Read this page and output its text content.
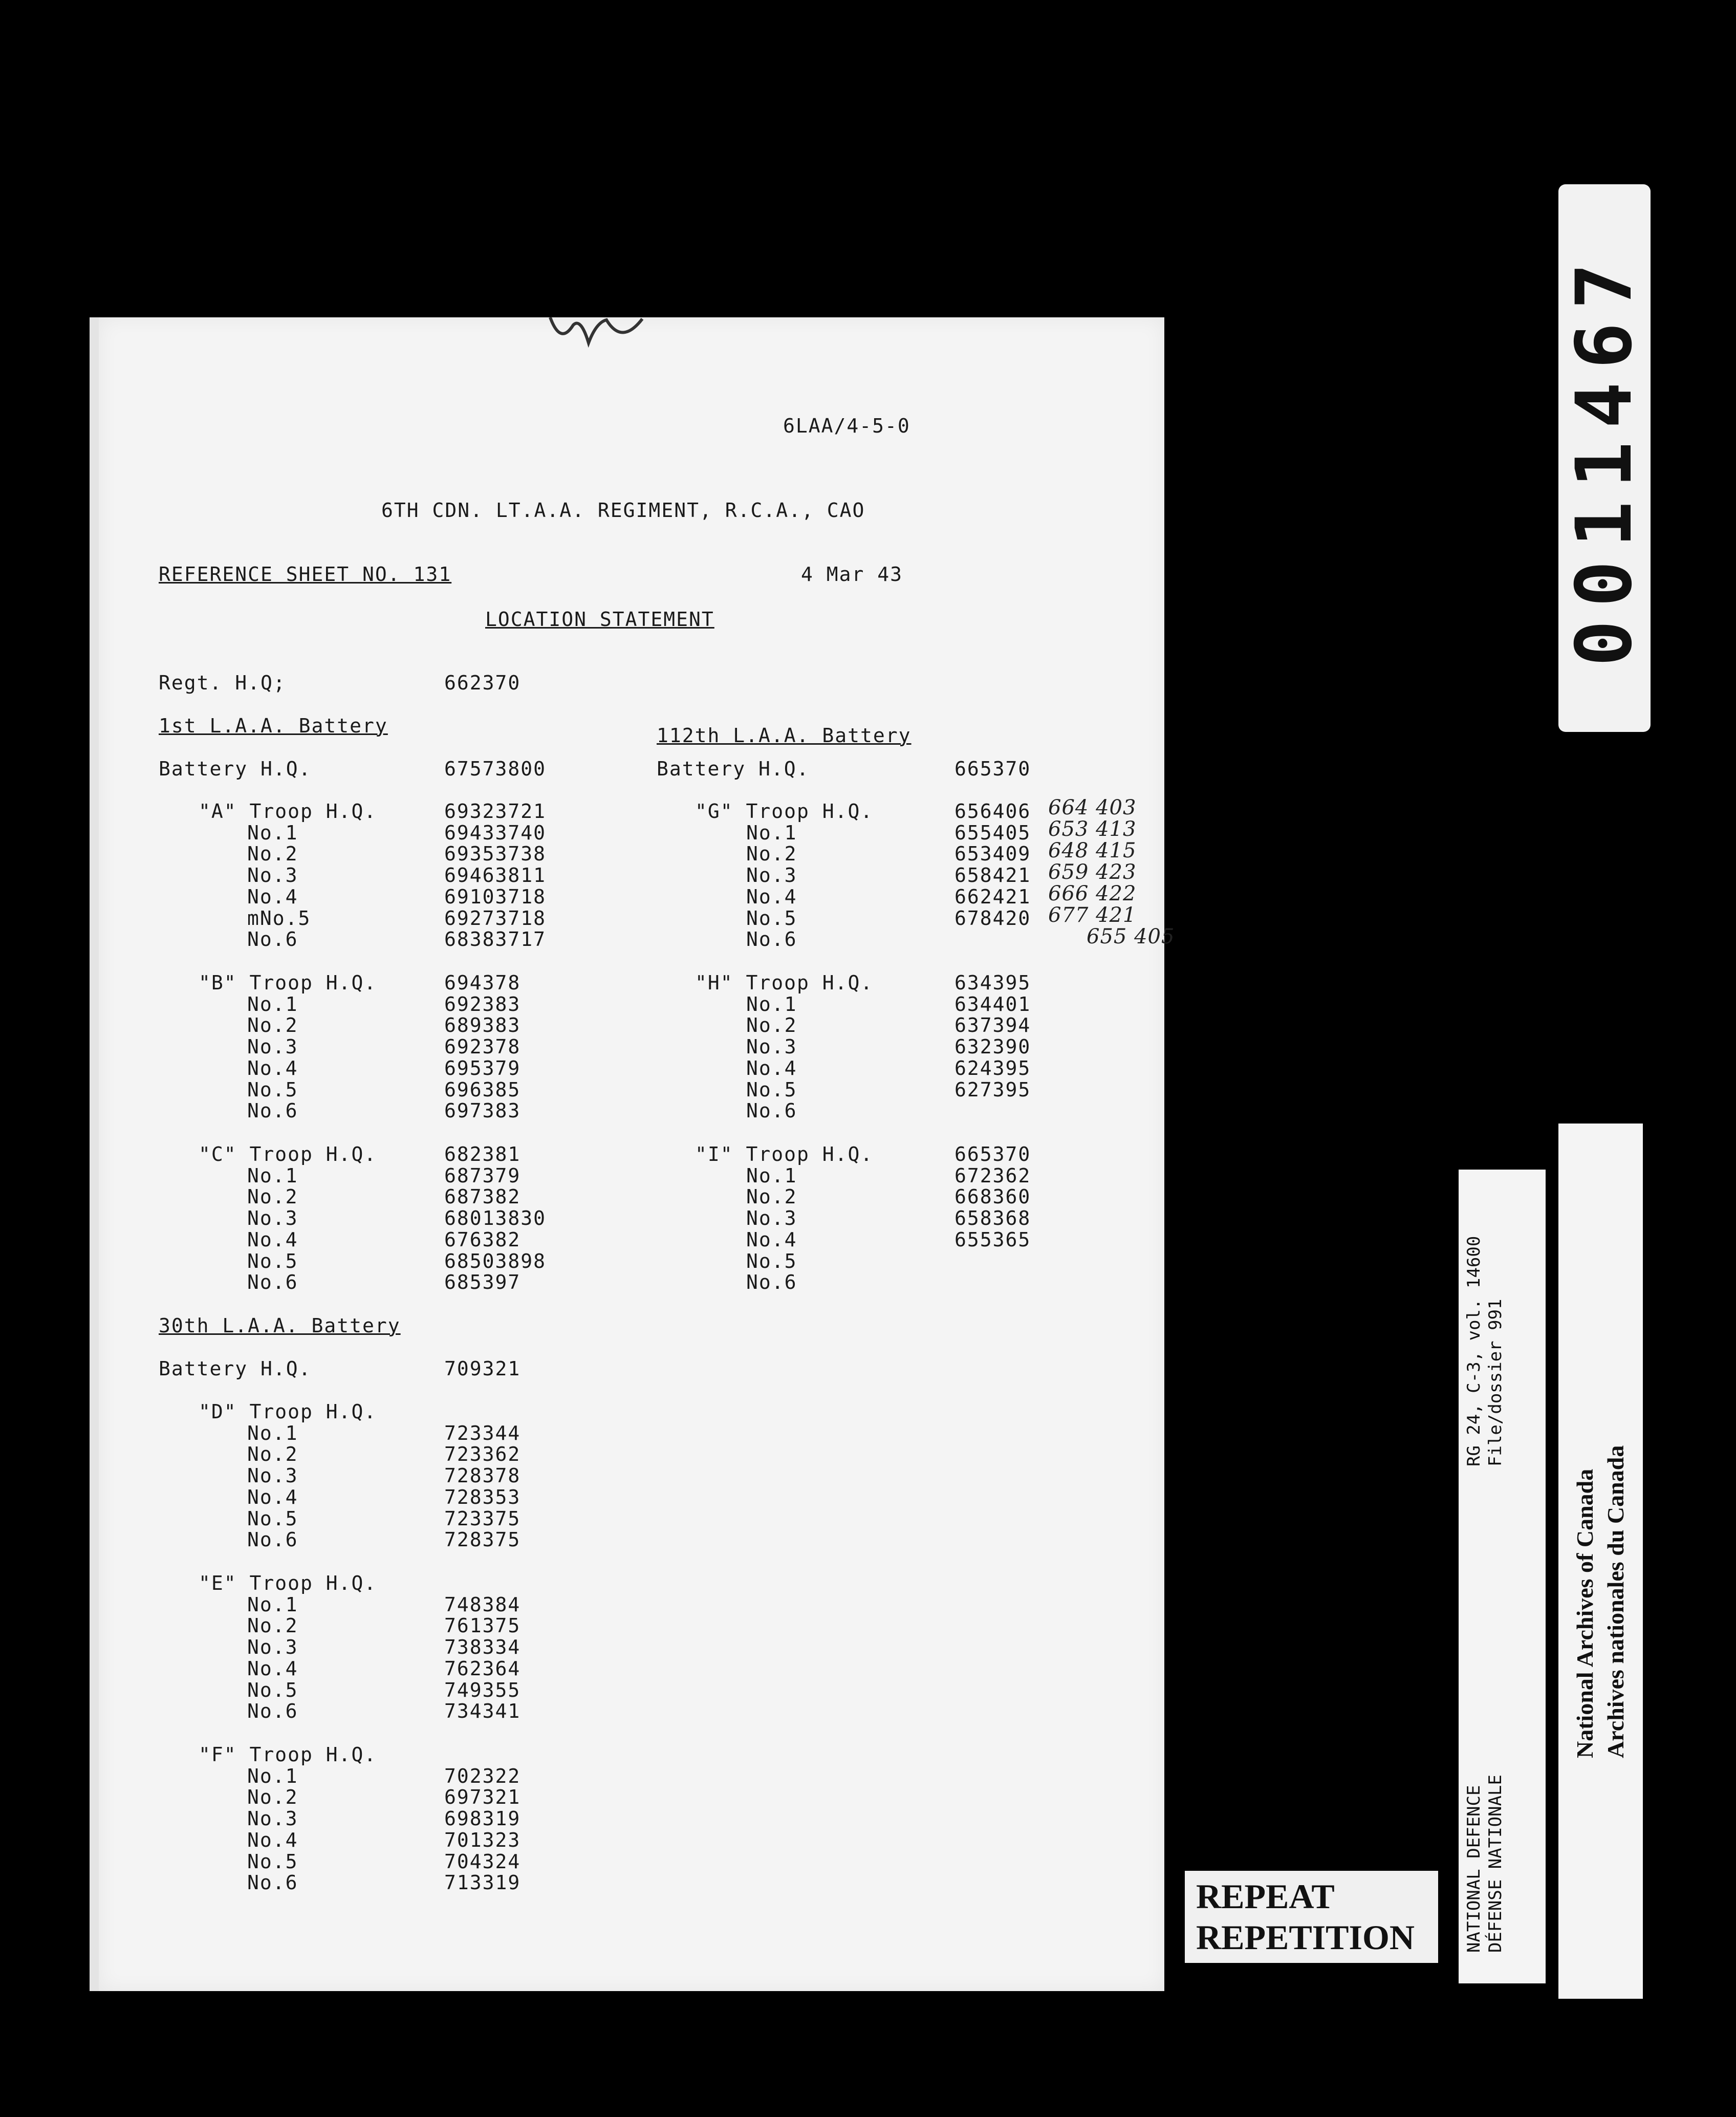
6LAA/4-5-0
6TH CDN. LT.A.A. REGIMENT, R.C.A., CAO
REFERENCE SHEET NO. 131	4 Mar 43
LOCATION STATEMENT
Regt. H.Q;	662370
1st L.A.A. Battery
Battery H.Q.	67573800
"A" Troop H.Q.	69323721
No.1	69433740
No.2	69353738
No.3	69463811
No.4	69103718
mNo.5	69273718
No.6	68383717
"B" Troop H.Q.	694378
No.1	692383
No.2	689383
No.3	692378
No.4	695379
No.5	696385
No.6	697383
"C" Troop H.Q.	682381
No.1	687379
No.2	687382
No.3	68013830
No.4	676382
No.5	68503898
No.6	685397
30th L.A.A. Battery
Battery H.Q.	709321
"D" Troop H.Q.
No.1	723344
No.2	723362
No.3	728378
No.4	728353
No.5	723375
No.6	728375
"E" Troop H.Q.
No.1	748384
No.2	761375
No.3	738334
No.4	762364
No.5	749355
No.6	734341
"F" Troop H.Q.
No.1	702322
No.2	697321
No.3	698319
No.4	701323
No.5	704324
No.6	713319
112th L.A.A. Battery
Battery H.Q.	665370
"G" Troop H.Q.	656406
No.1	655405
No.2	653409
No.3	658421
No.4	662421
No.5	678420
No.6
"H" Troop H.Q.	634395
No.1	634401
No.2	637394
No.3	632390
No.4	624395
No.5	627395
No.6
"I" Troop H.Q.	665370
No.1	672362
No.2	668360
No.3	658368
No.4	655365
No.5
No.6
664 403
653 413
648 415
659 423
666 422
677 421
655 405
0011467
NATIONAL DEFENCE DÉFENSE NATIONALE
RG 24, C-3, vol. 14600 File/dossier 991
National Archives of Canada Archives nationales du Canada
REPEAT
REPETITION
